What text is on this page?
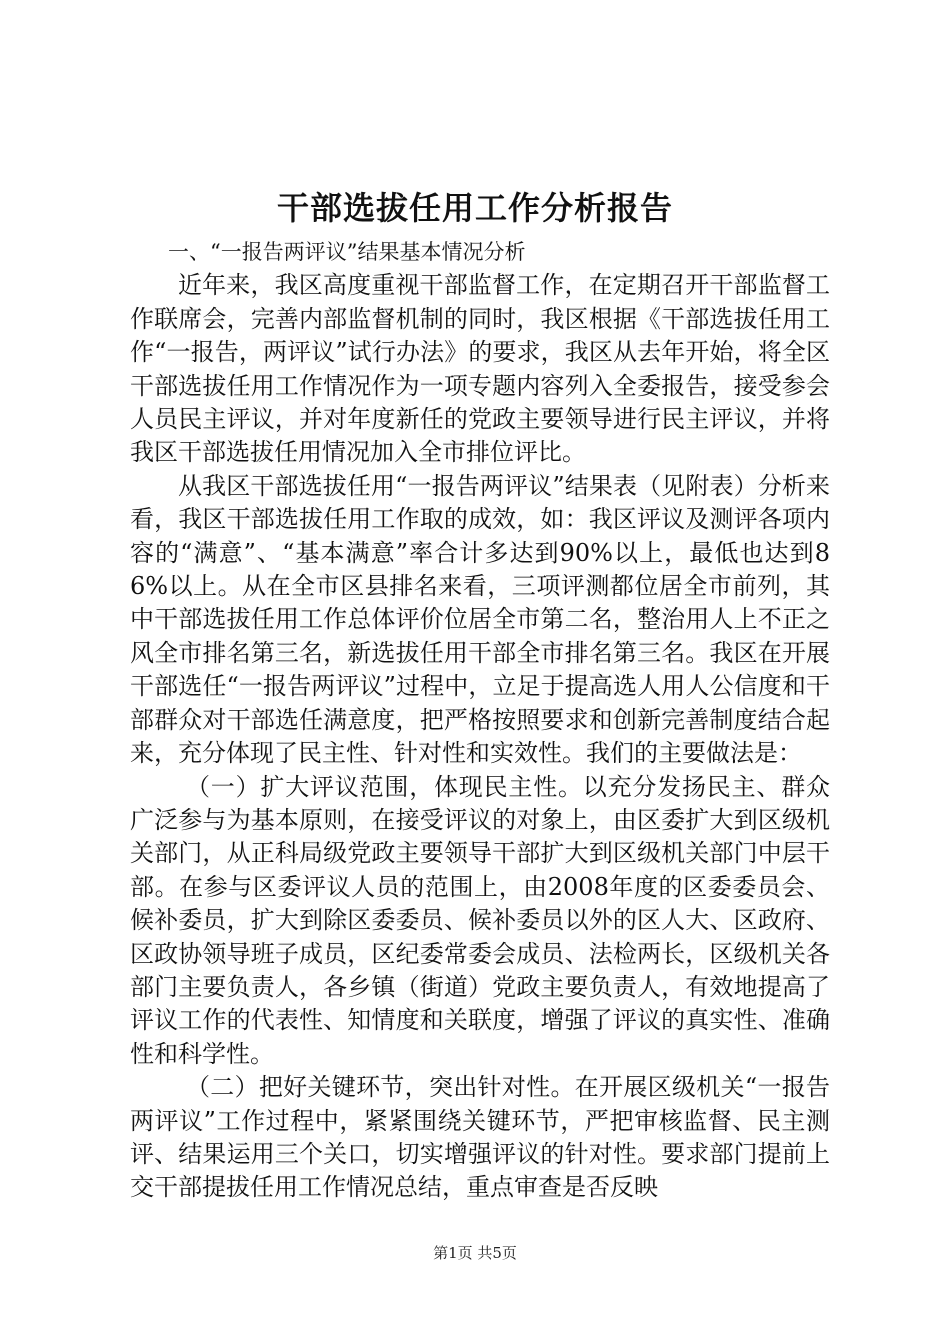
干部选拔任用工作分析报告

一、“一报告两评议”结果基本情况分析

近年来，我区高度重视干部监督工作，在定期召开干部监督工作联席会，完善内部监督机制的同时，我区根据《干部选拔任用工作“一报告，两评议”试行办法》的要求，我区从去年开始，将全区干部选拔任用工作情况作为一项专题内容列入全委报告，接受参会人员民主评议，并对年度新任的党政主要领导进行民主评议，并将我区干部选拔任用情况加入全市排位评比。

从我区干部选拔任用“一报告两评议”结果表（见附表）分析来看，我区干部选拔任用工作取的成效，如：我区评议及测评各项内容的“满意”、“基本满意”率合计多达到90%以上，最低也达到86%以上。从在全市区县排名来看，三项评测都位居全市前列，其中干部选拔任用工作总体评价位居全市第二名，整治用人上不正之风全市排名第三名，新选拔任用干部全市排名第三名。我区在开展干部选任“一报告两评议”过程中，立足于提高选人用人公信度和干部群众对干部选任满意度，把严格按照要求和创新完善制度结合起来，充分体现了民主性、针对性和实效性。我们的主要做法是：

（一）扩大评议范围，体现民主性。以充分发扬民主、群众广泛参与为基本原则，在接受评议的对象上，由区委扩大到区级机关部门，从正科局级党政主要领导干部扩大到区级机关部门中层干部。在参与区委评议人员的范围上，由2008年度的区委委员会、候补委员，扩大到除区委委员、候补委员以外的区人大、区政府、区政协领导班子成员，区纪委常委会成员、法检两长，区级机关各部门主要负责人，各乡镇（街道）党政主要负责人，有效地提高了评议工作的代表性、知情度和关联度，增强了评议的真实性、准确性和科学性。

（二）把好关键环节，突出针对性。在开展区级机关“一报告两评议”工作过程中，紧紧围绕关键环节，严把审核监督、民主测评、结果运用三个关口，切实增强评议的针对性。要求部门提前上交干部提拔任用工作情况总结，重点审查是否反映

第1页 共5页
